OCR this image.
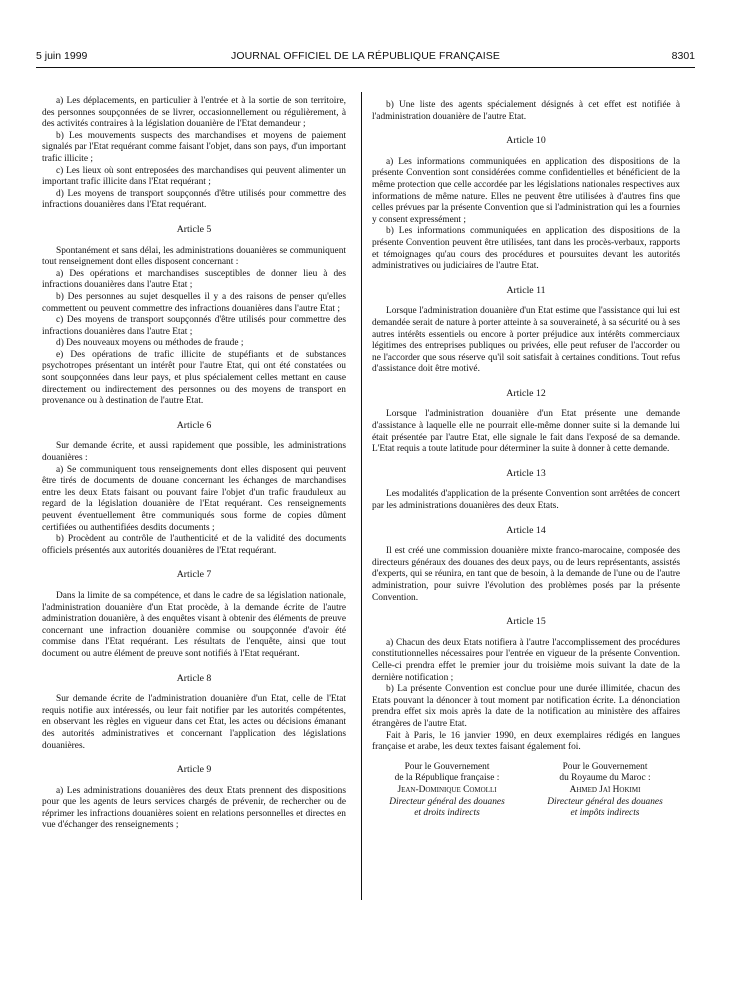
5 juin 1999	JOURNAL OFFICIEL DE LA RÉPUBLIQUE FRANÇAISE	8301

a) Les déplacements, en particulier à l'entrée et à la sortie de son territoire, des personnes soupçonnées de se livrer, occasionnellement ou régulièrement, à des activités contraires à la législation douanière de l'Etat demandeur ;

b) Les mouvements suspects des marchandises et moyens de paiement signalés par l'Etat requérant comme faisant l'objet, dans son pays, d'un important trafic illicite ;

c) Les lieux où sont entreposées des marchandises qui peuvent alimenter un important trafic illicite dans l'Etat requérant ;

d) Les moyens de transport soupçonnés d'être utilisés pour commettre des infractions douanières dans l'Etat requérant.

Article 5

Spontanément et sans délai, les administrations douanières se communiquent tout renseignement dont elles disposent concernant :

a) Des opérations et marchandises susceptibles de donner lieu à des infractions douanières dans l'autre Etat ;

b) Des personnes au sujet desquelles il y a des raisons de penser qu'elles commettent ou peuvent commettre des infractions douanières dans l'autre Etat ;

c) Des moyens de transport soupçonnés d'être utilisés pour commettre des infractions douanières dans l'autre Etat ;

d) Des nouveaux moyens ou méthodes de fraude ;

e) Des opérations de trafic illicite de stupéfiants et de substances psychotropes présentant un intérêt pour l'autre Etat, qui ont été constatées ou sont soupçonnées dans leur pays, et plus spécialement celles mettant en cause directement ou indirectement des personnes ou des moyens de transport en provenance ou à destination de l'autre Etat.

Article 6

Sur demande écrite, et aussi rapidement que possible, les administrations douanières :

a) Se communiquent tous renseignements dont elles disposent qui peuvent être tirés de documents de douane concernant les échanges de marchandises entre les deux Etats faisant ou pouvant faire l'objet d'un trafic frauduleux au regard de la législation douanière de l'Etat requérant. Ces renseignements peuvent éventuellement être communiqués sous forme de copies dûment certifiées ou authentifiées desdits documents ;

b) Procèdent au contrôle de l'authenticité et de la validité des documents officiels présentés aux autorités douanières de l'Etat requérant.

Article 7

Dans la limite de sa compétence, et dans le cadre de sa législation nationale, l'administration douanière d'un Etat procède, à la demande écrite de l'autre administration douanière, à des enquêtes visant à obtenir des éléments de preuve concernant une infraction douanière commise ou soupçonnée d'avoir été commise dans l'Etat requérant. Les résultats de l'enquête, ainsi que tout document ou autre élément de preuve sont notifiés à l'Etat requérant.

Article 8

Sur demande écrite de l'administration douanière d'un Etat, celle de l'Etat requis notifie aux intéressés, ou leur fait notifier par les autorités compétentes, en observant les règles en vigueur dans cet Etat, les actes ou décisions émanant des autorités administratives et concernant l'application des législations douanières.

Article 9

a) Les administrations douanières des deux Etats prennent des dispositions pour que les agents de leurs services chargés de prévenir, de rechercher ou de réprimer les infractions douanières soient en relations personnelles et directes en vue d'échanger des renseignements ;

b) Une liste des agents spécialement désignés à cet effet est notifiée à l'administration douanière de l'autre Etat.

Article 10

a) Les informations communiquées en application des dispositions de la présente Convention sont considérées comme confidentielles et bénéficient de la même protection que celle accordée par les législations nationales respectives aux informations de même nature. Elles ne peuvent être utilisées à d'autres fins que celles prévues par la présente Convention que si l'administration qui les a fournies y consent expressément ;

b) Les informations communiquées en application des dispositions de la présente Convention peuvent être utilisées, tant dans les procès-verbaux, rapports et témoignages qu'au cours des procédures et poursuites devant les autorités administratives ou judiciaires de l'autre Etat.

Article 11

Lorsque l'administration douanière d'un Etat estime que l'assistance qui lui est demandée serait de nature à porter atteinte à sa souveraineté, à sa sécurité ou à ses autres intérêts essentiels ou encore à porter préjudice aux intérêts commerciaux légitimes des entreprises publiques ou privées, elle peut refuser de l'accorder ou ne l'accorder que sous réserve qu'il soit satisfait à certaines conditions. Tout refus d'assistance doit être motivé.

Article 12

Lorsque l'administration douanière d'un Etat présente une demande d'assistance à laquelle elle ne pourrait elle-même donner suite si la demande lui était présentée par l'autre Etat, elle signale le fait dans l'exposé de sa demande. L'Etat requis a toute latitude pour déterminer la suite à donner à cette demande.

Article 13

Les modalités d'application de la présente Convention sont arrêtées de concert par les administrations douanières des deux Etats.

Article 14

Il est créé une commission douanière mixte franco-marocaine, composée des directeurs généraux des douanes des deux pays, ou de leurs représentants, assistés d'experts, qui se réunira, en tant que de besoin, à la demande de l'une ou de l'autre administration, pour suivre l'évolution des problèmes posés par la présente Convention.

Article 15

a) Chacun des deux Etats notifiera à l'autre l'accomplissement des procédures constitutionnelles nécessaires pour l'entrée en vigueur de la présente Convention. Celle-ci prendra effet le premier jour du troisième mois suivant la date de la dernière notification ;

b) La présente Convention est conclue pour une durée illimitée, chacun des Etats pouvant la dénoncer à tout moment par notification écrite. La dénonciation prendra effet six mois après la date de la notification au ministère des affaires étrangères de l'autre Etat.

Fait à Paris, le 16 janvier 1990, en deux exemplaires rédigés en langues française et arabe, les deux textes faisant également foi.

Pour le Gouvernement
de la République française :
Jean-Dominique Comolli
Directeur général des douanes
et droits indirects
Pour le Gouvernement
du Royaume du Maroc :
Ahmed Jaï Hokimi
Directeur général des douanes
et impôts indirects
